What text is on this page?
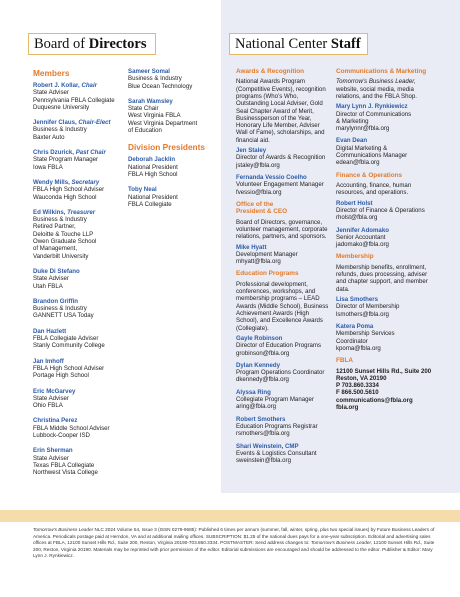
Board of Directors	National Center Staff
Members
Robert J. Kollar, Chair
State Adviser
Pennsylvania FBLA Collegiate
Duquesne University
Jennifer Claus, Chair-Elect
Business & Industry
Baxter Auto
Chris Dzurick, Past Chair
State Program Manager
Iowa FBLA
Wendy Mills, Secretary
FBLA High School Adviser
Wauconda High School
Ed Wilkins, Treasurer
Business & Industry
Retired Partner,
Deloitte & Touche LLP
Owen Graduate School
of Management,
Vanderbilt University
Duke Di Stefano
State Adviser
Utah FBLA
Brandon Griffin
Business & Industry
GANNETT USA Today
Dan Hazlett
FBLA Collegiate Adviser
Stanly Community College
Jan Imhoff
FBLA High School Adviser
Portage High School
Eric McGarvey
State Adviser
Ohio FBLA
Christina Perez
FBLA Middle School Adviser
Lubbock-Cooper ISD
Erin Sherman
State Adviser
Texas FBLA Collegiate
Northwest Vista College
Sameer Somal
Business & Industry
Blue Ocean Technology
Sarah Wamsley
State Chair
West Virginia FBLA
West Virginia Department
of Education
Division Presidents
Deborah Jacklin
National President
FBLA High School
Toby Neal
National President
FBLA Collegiate
Awards & Recognition

National Awards Program (Competitive Events), recognition programs (Who’s Who, Outstanding Local Adviser, Gold Seal Chapter Award of Merit, Businessperson of the Year, Honorary Life Member, Adviser Wall of Fame), scholarships, and financial aid.

Jen Staley
Director of Awards & Recognition
jstaley@fbla.org
Fernanda Vessio Coelho
Volunteer Engagement Manager
fvessio@fbla.org
Office of the
President & CEO

Board of Directors, governance, volunteer management, corporate relations, partners, and sponsors.

Mike Hyatt
Development Manager
mhyatt@fbla.org
Education Programs

Professional development, conferences, workshops, and membership programs – LEAD Awards (Middle School), Business Achievement Awards (High School), and Excellence Awards (Collegiate).

Gayle Robinson
Director of Education Programs
grobinson@fbla.org
Dylan Kennedy
Program Operations Coordinator
dkennedy@fbla.org
Alyssa Ring
Collegiate Program Manager
aring@fbla.org
Robert Smothers
Education Programs Registrar
rsmothers@fbla.org
Shari Weinstein, CMP
Events & Logistics Consultant
sweinstein@fbla.org
Communications & Marketing

Tomorrow’s Business Leader, website, social media, media relations, and the FBLA Shop.

Mary Lynn J. Rynkiewicz
Director of Communications
& Marketing
marylynnr@fbla.org
Evan Dean
Digital Marketing &
Communications Manager
edean@fbla.org
Finance & Operations

Accounting, finance, human resources, and operations.

Robert Holst
Director of Finance & Operations
rholst@fbla.org
Jennifer Adomako
Senior Accountant
jadomako@fbla.org
Membership

Membership benefits, enrollment, refunds, dues processing, adviser and chapter support, and member data.

Lisa Smothers
Director of Membership
lsmothers@fbla.org
Katera Poma
Membership Services
Coordinator
kpoma@fbla.org
FBLA
12100 Sunset Hills Rd., Suite 200
Reston, VA 20190
P 703.860.3334
F 866.500.5610
communications@fbla.org
fbla.org
Tomorrow’s Business Leader NLC 2024 Volume 54, Issue 3 (ISSN 0279-9685): Published 6 times per annum (summer, fall, winter, spring, plus two special issues) by Future Business Leaders of America. Periodicals postage paid at Herndon, VA and at additional mailing offices. SUBSCRIPTION: $1.25 of the national dues pays for a one-year subscription. Editorial and advertising sales offices at FBLA, 12100 Sunset Hills Rd., Suite 200, Reston, Virginia 20190-703.860.3334. POSTMASTER: Send address changes to: Tomorrow’s Business Leader, 12100 Sunset Hills Rd., Suite 200, Reston, Virginia 20190. Materials may be reprinted with prior permission of the editor. Editorial submissions are encouraged and should be addressed to the editor. Publisher & Editor: Mary Lynn J. Rynkiewicz.
